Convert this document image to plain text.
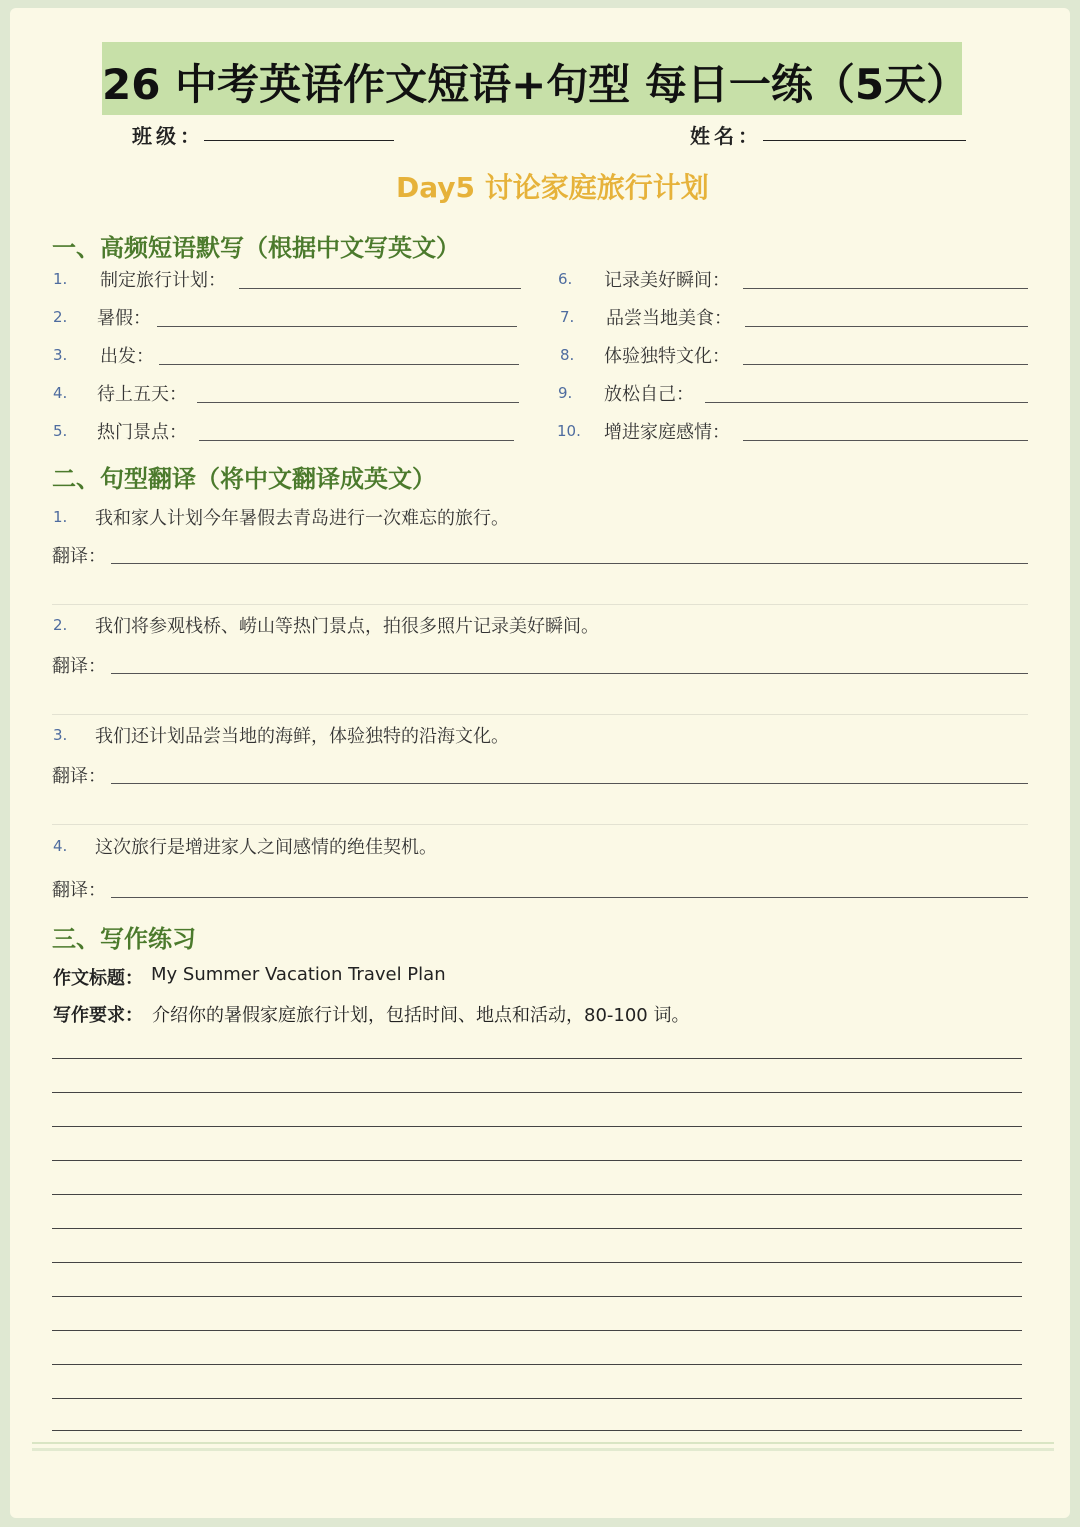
26 中考英语作文短语+句型 每日一练（5天）
班级：	姓名：
Day5 讨论家庭旅行计划
一、高频短语默写（根据中文写英文）
1. 制定旅行计划：
2. 暑假：
3. 出发：
4. 待上五天：
5. 热门景点：
6. 记录美好瞬间：
7. 品尝当地美食：
8. 体验独特文化：
9. 放松自己：
10. 增进家庭感情：
二、句型翻译（将中文翻译成英文）
1. 我和家人计划今年暑假去青岛进行一次难忘的旅行。
翻译：
2. 我们将参观栈桥、崂山等热门景点，拍很多照片记录美好瞬间。
翻译：
3. 我们还计划品尝当地的海鲜，体验独特的沿海文化。
翻译：
4. 这次旅行是增进家人之间感情的绝佳契机。
翻译：
三、写作练习
作文标题： My Summer Vacation Travel Plan
写作要求： 介绍你的暑假家庭旅行计划，包括时间、地点和活动，80-100 词。
